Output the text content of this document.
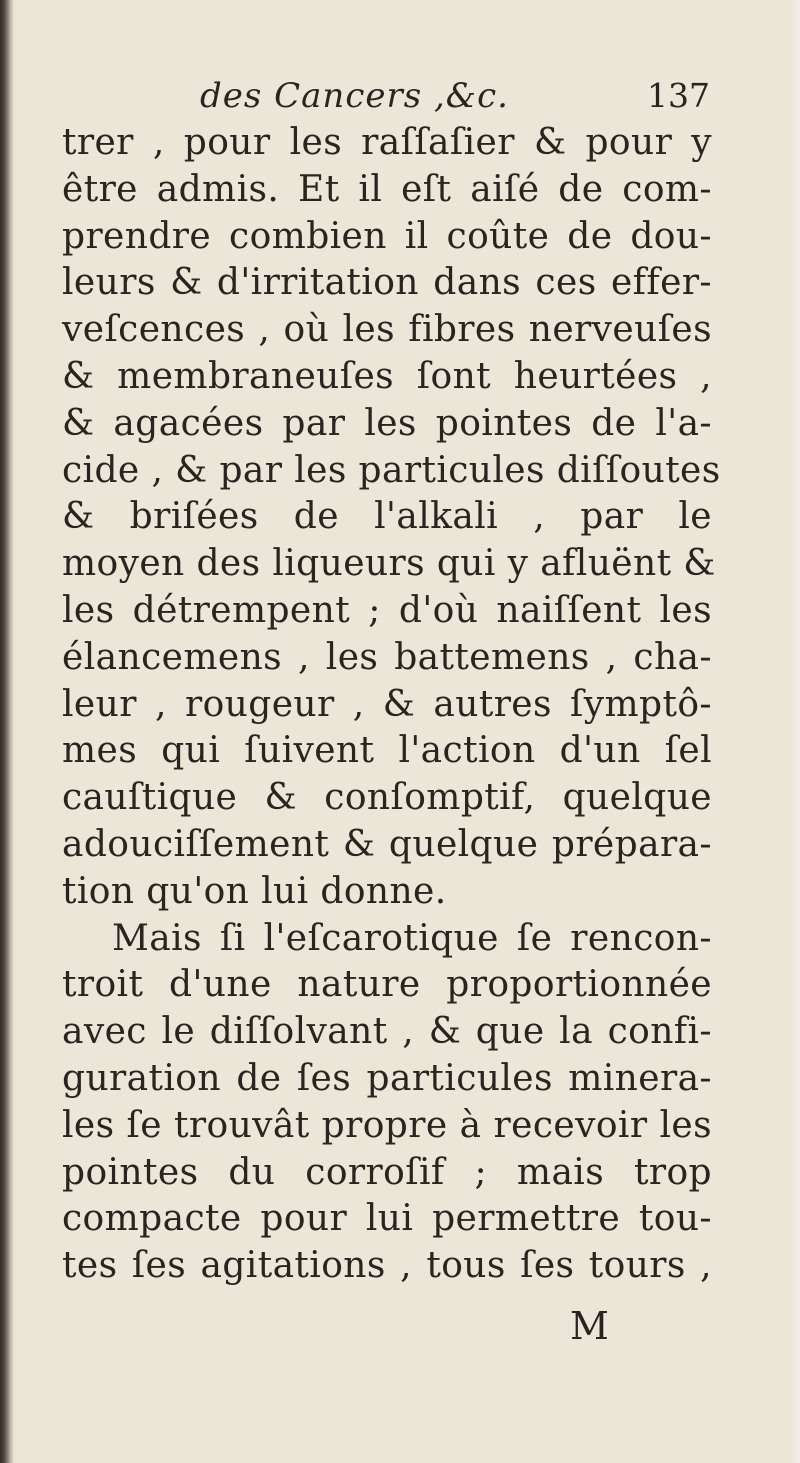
des Cancers ,&c.	137
trer , pour les raſſaſier & pour y
être admis. Et il eſt aiſé de com-
prendre combien il coûte de dou-
leurs & d'irritation dans ces effer-
veſcences , où les fibres nerveuſes
& membraneuſes ſont heurtées ,
& agacées par les pointes de l'a-
cide , & par les particules diſſoutes
& briſées de l'alkali , par le
moyen des liqueurs qui y afluënt &
les détrempent ; d'où naiſſent les
élancemens , les battemens , cha-
leur , rougeur , & autres ſymptô-
mes qui ſuivent l'action d'un ſel
cauſtique & conſomptif, quelque
adouciſſement & quelque prépara-
tion qu'on lui donne.
Mais ſi l'eſcarotique ſe rencon-
troit d'une nature proportionnée
avec le diſſolvant , & que la confi-
guration de ſes particules minera-
les ſe trouvât propre à recevoir les
pointes du corroſif ; mais trop
compacte pour lui permettre tou-
tes ſes agitations , tous ſes tours ,
M
